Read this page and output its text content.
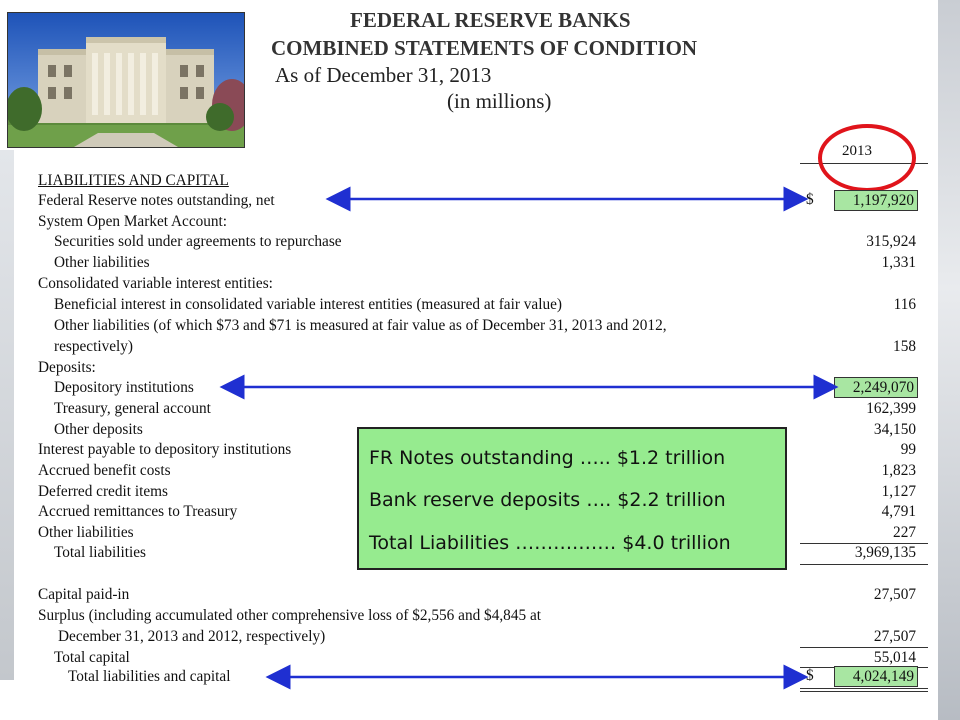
FEDERAL RESERVE BANKS
COMBINED STATEMENTS OF CONDITION
As of December 31, 2013
(in millions)
2013
LIABILITIES AND CAPITAL
Federal Reserve notes outstanding, net	$	1,197,920
System Open Market Account:
Securities sold under agreements to repurchase	315,924
Other liabilities	1,331
Consolidated variable interest entities:
Beneficial interest in consolidated variable interest entities (measured at fair value)	116
Other liabilities (of which $73 and $71 is measured at fair value as of December 31, 2013 and 2012,
respectively)	158
Deposits:
Depository institutions	2,249,070
Treasury, general account	162,399
Other deposits	34,150
Interest payable to depository institutions	99
Accrued benefit costs	1,823
Deferred credit items	1,127
Accrued remittances to Treasury	4,791
Other liabilities	227
Total liabilities	3,969,135
Capital paid-in	27,507
Surplus (including accumulated other comprehensive loss of $2,556 and $4,845 at
December 31, 2013 and 2012, respectively)	27,507
Total capital	55,014
Total liabilities and capital	$	4,024,149
FR Notes outstanding ….. $1.2 trillion
Bank reserve deposits …. $2.2 trillion
Total Liabilities ……….…… $4.0 trillion
